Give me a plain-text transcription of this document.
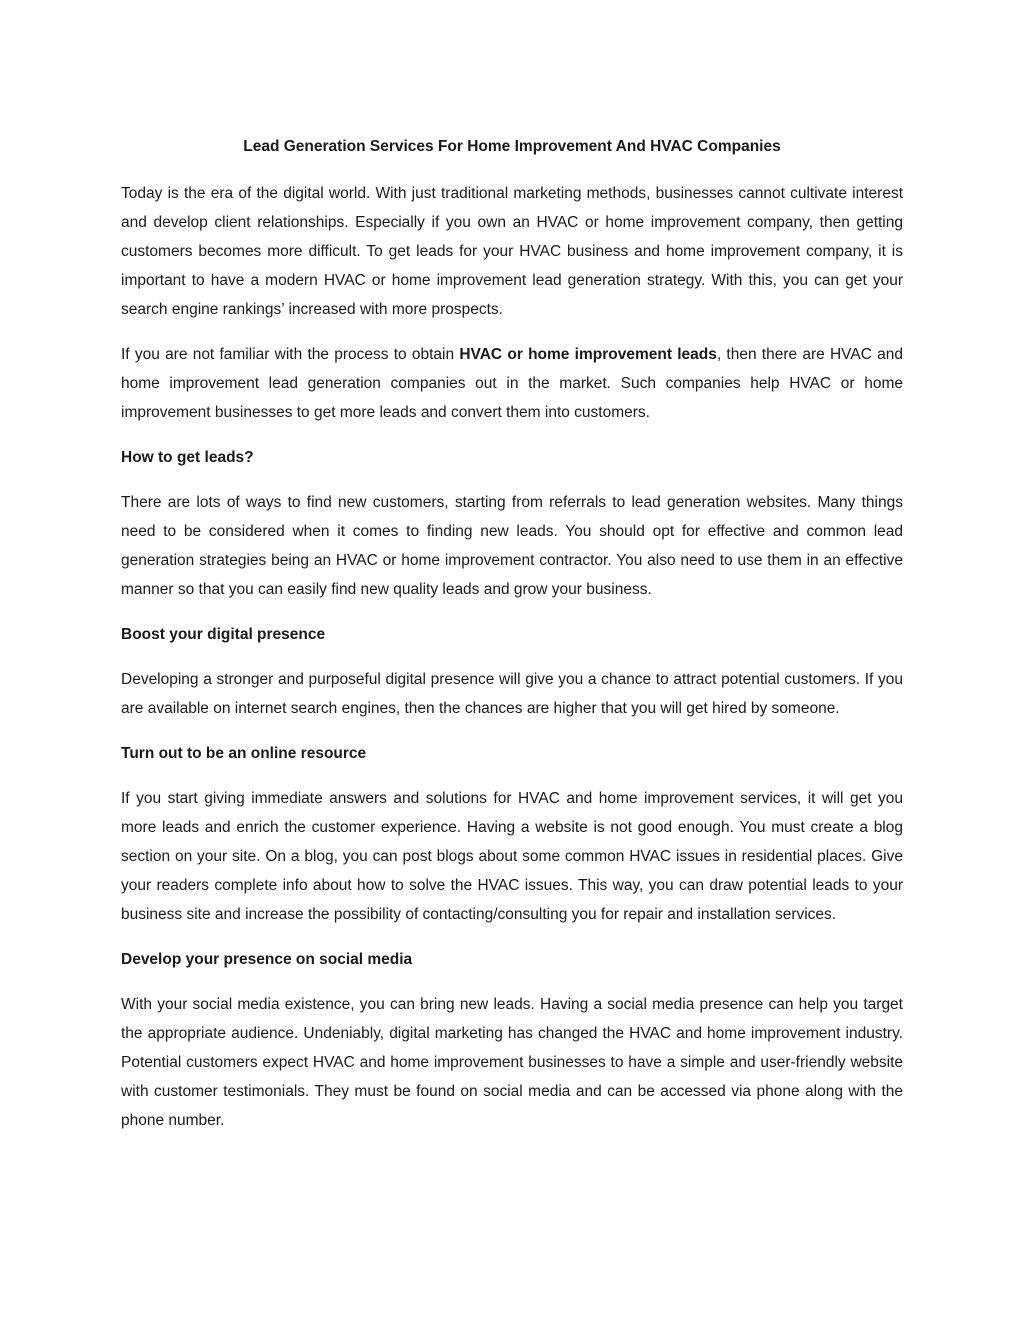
Lead Generation Services For Home Improvement And HVAC Companies

Today is the era of the digital world. With just traditional marketing methods, businesses cannot cultivate interest and develop client relationships. Especially if you own an HVAC or home improvement company, then getting customers becomes more difficult. To get leads for your HVAC business and home improvement company, it is important to have a modern HVAC or home improvement lead generation strategy. With this, you can get your search engine rankings’ increased with more prospects.

If you are not familiar with the process to obtain HVAC or home improvement leads, then there are HVAC and home improvement lead generation companies out in the market. Such companies help HVAC or home improvement businesses to get more leads and convert them into customers.

How to get leads?

There are lots of ways to find new customers, starting from referrals to lead generation websites. Many things need to be considered when it comes to finding new leads. You should opt for effective and common lead generation strategies being an HVAC or home improvement contractor. You also need to use them in an effective manner so that you can easily find new quality leads and grow your business.

Boost your digital presence

Developing a stronger and purposeful digital presence will give you a chance to attract potential customers. If you are available on internet search engines, then the chances are higher that you will get hired by someone.

Turn out to be an online resource

If you start giving immediate answers and solutions for HVAC and home improvement services, it will get you more leads and enrich the customer experience. Having a website is not good enough. You must create a blog section on your site. On a blog, you can post blogs about some common HVAC issues in residential places. Give your readers complete info about how to solve the HVAC issues. This way, you can draw potential leads to your business site and increase the possibility of contacting/consulting you for repair and installation services.

Develop your presence on social media

With your social media existence, you can bring new leads. Having a social media presence can help you target the appropriate audience. Undeniably, digital marketing has changed the HVAC and home improvement industry. Potential customers expect HVAC and home improvement businesses to have a simple and user-friendly website with customer testimonials. They must be found on social media and can be accessed via phone along with the phone number.
